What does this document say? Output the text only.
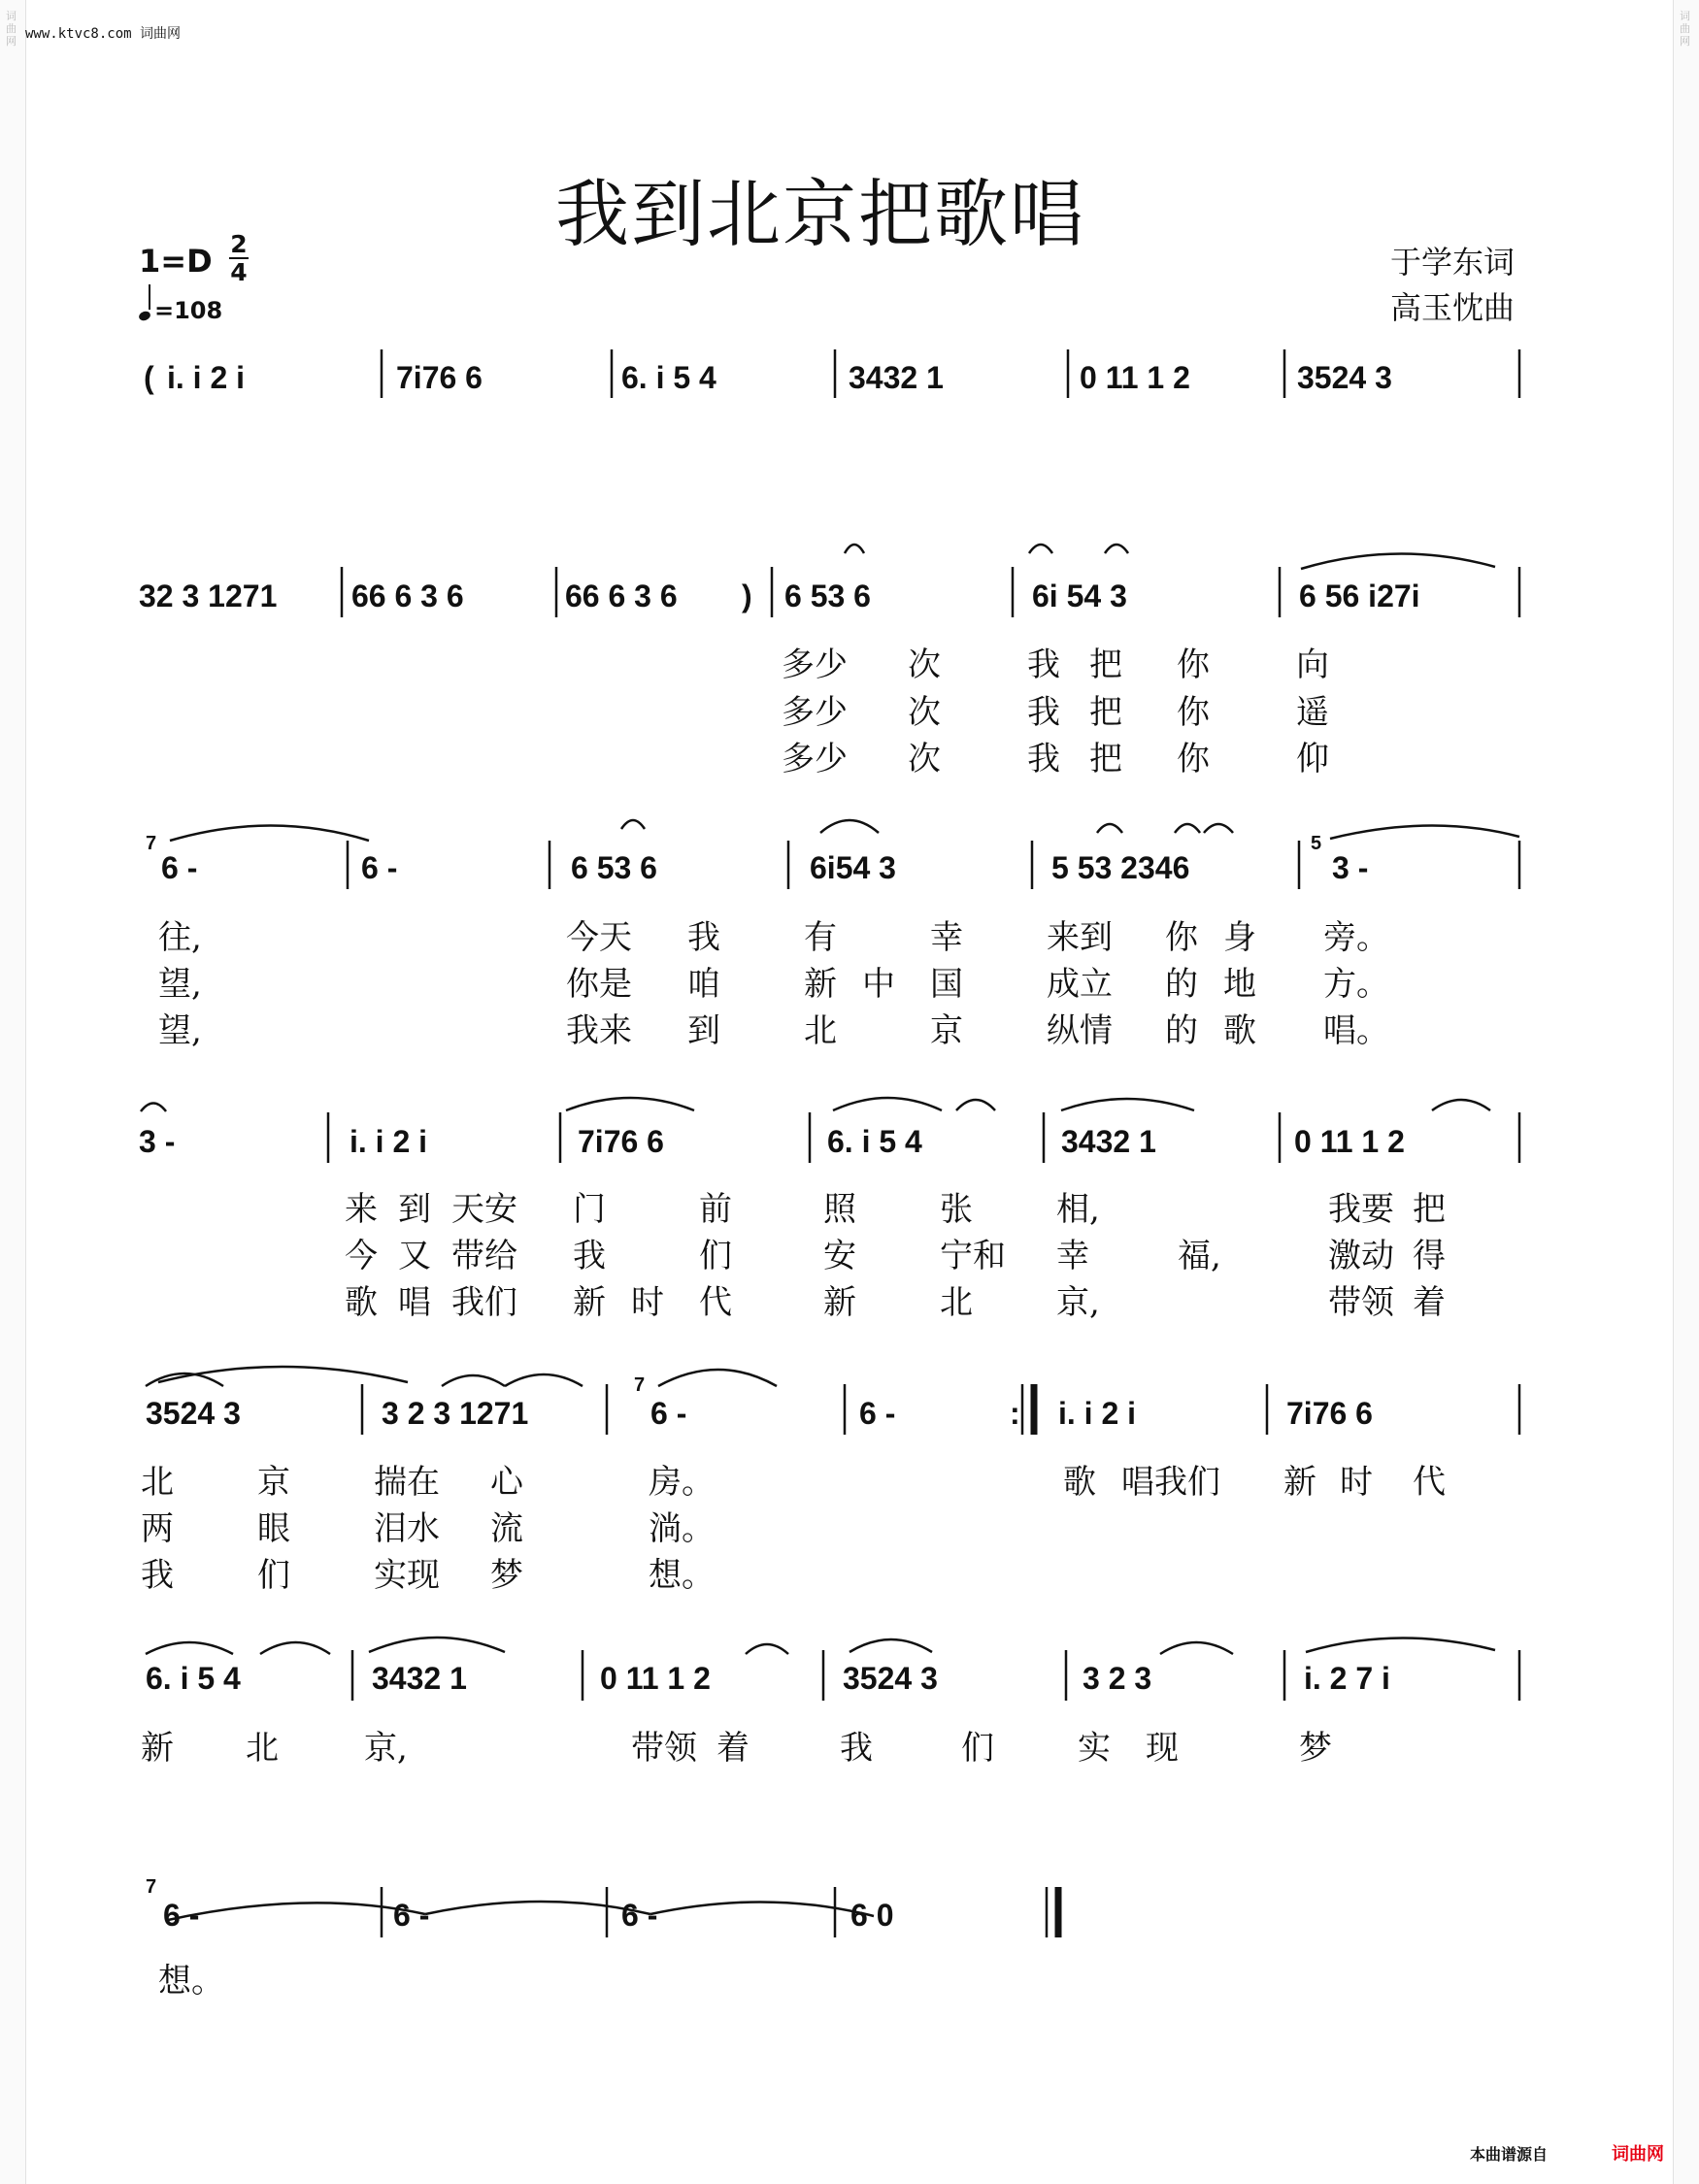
词曲网
词曲网
www.ktvc8.com 词曲网
我到北京把歌唱
1=D 2
4
=108
于学东词
高玉忱曲
( i. i 2 i	7i76 6	6. i 5 4	3432 1	0 11 1 2	3524 3
32 3 1271 66 6 3 6	66 6 3 6 ) 6 53 6	6i 54 3	6 56 i27i
7
6 -	6 -	6 53 6	6i54 3	5 53 2346
5
3 -
3 -	i. i 2 i	7i76 6	6. i 5 4	3432 1	0 11 1 2
3524 3	3 2 3 1271
7
6 -	6 -	: i. i 2 i	7i76 6
6. i 5 4	3432 1	0 11 1 2	3524 3	3 2 3	i. 2 7 i
7
6 -	6 -	6 -	6 0
多少 次	我 把 你	向
多少 次	我 把 你	遥
多少 次	我 把 你	仰
往,	今天 我	有	幸	来到 你 身 旁。
望,	你是 咱	新 中 国	成立 的 地 方。
望,	我来 到	北	京	纵情 的 歌 唱。
来 到 天安 门	前	照	张	相,	我要 把
今 又 带给 我	们	安	宁和 幸	福,	激动 得
歌 唱 我们 新 时 代	新	北	京,	带领 着
北	京	揣在 心	房。	歌 唱我们 新 时 代
两	眼	泪水 流	淌。
我	们	实现 梦	想。
新 北	京,	带领 着	我	们	实 现	梦
想。
本曲谱源自	词曲网
